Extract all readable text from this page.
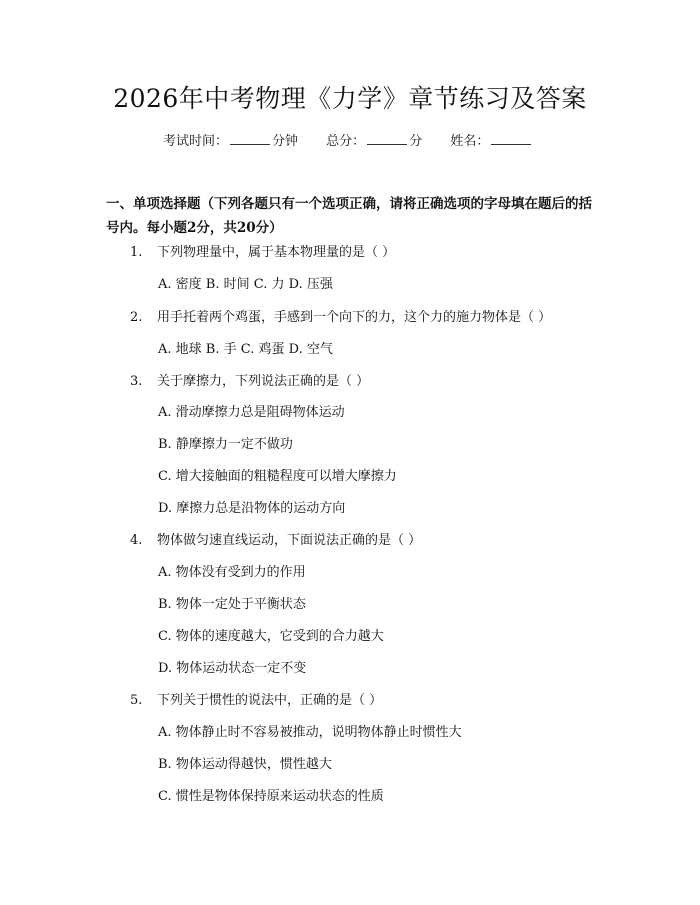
2026年中考物理《力学》章节练习及答案
考试时间：	分钟 总分：	分 姓名：
一、单项选择题（下列各题只有一个选项正确，请将正确选项的字母填在题后的括号内。每小题2分，共20分）
1. 下列物理量中，属于基本物理量的是（ ）
A. 密度 B. 时间 C. 力 D. 压强
2. 用手托着两个鸡蛋，手感到一个向下的力，这个力的施力物体是（ ）
A. 地球 B. 手 C. 鸡蛋 D. 空气
3. 关于摩擦力，下列说法正确的是（ ）
A. 滑动摩擦力总是阻碍物体运动
B. 静摩擦力一定不做功
C. 增大接触面的粗糙程度可以增大摩擦力
D. 摩擦力总是沿物体的运动方向
4. 物体做匀速直线运动，下面说法正确的是（ ）
A. 物体没有受到力的作用
B. 物体一定处于平衡状态
C. 物体的速度越大，它受到的合力越大
D. 物体运动状态一定不变
5. 下列关于惯性的说法中，正确的是（ ）
A. 物体静止时不容易被推动，说明物体静止时惯性大
B. 物体运动得越快，惯性越大
C. 惯性是物体保持原来运动状态的性质
